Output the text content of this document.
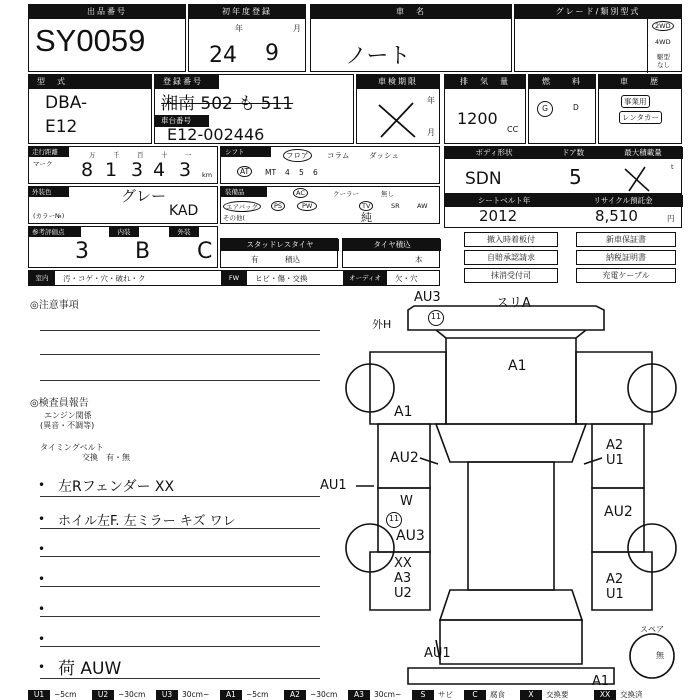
出品番号
SY0059
初年度登録
年	月
24 9
車　名
ノート
グレード/類別型式
2WD
4WD
駆型
なし
型　式
DBA-
E12
登録番号
湘南 502 も 511
車台番号
E12-002446
車検期限
年
月
排　気　量
1200
CC
燃　　料
G	D
車　　歴
事業用
レンタカー
走行距離
マーク
万	千	百	十	一
8 1 3 4 3 km
シフト	フロア	コラム	ダッシュ
AT	MT 4 5 6
ボディ形状	ドア数	最大積載量
SDN	5	t
外装色
(カラー№)
グレー
KAD
装備品	AC	クーラー	無し
エアバッグ	PS	PW	TV	SR	AW
その他(	純
シートベルト年	リサイクル預託金
2012	8,510	円
参考評価点	内装	外装
3 B C	スタッドレスタイヤ
有	積込
タイヤ積込
本
撤入時着板付	新車保証書
自賠承認請求	納税証明書
抹消受付司	充電ケーブル
室内	汚・コゲ・穴・破れ・ク	FW	ヒビ・傷・交換	オーディオ	欠・穴
◎注意事項
◎検査員報告
エンジン関係
(異音・不調等)
タイミングベルト
交換　有・無
• 左Rフェンダー XX
• ホイル左F. 左ミラー キズ ワレ
•
•
•
•
• 荷 AUW
AU3	スリA
外H
11
A1
A1
AU2
AU1
W
11
AU3
XX
A3
U2
A2
U1
AU2
A2
U1
AU1
A1
スペア
無
U1	~5cm	U2	~30cm	U3	30cm~	A1	~5cm	A2	~30cm	A3	30cm~	S	サビ	C	腐食	X	交換要	XX	交換済
